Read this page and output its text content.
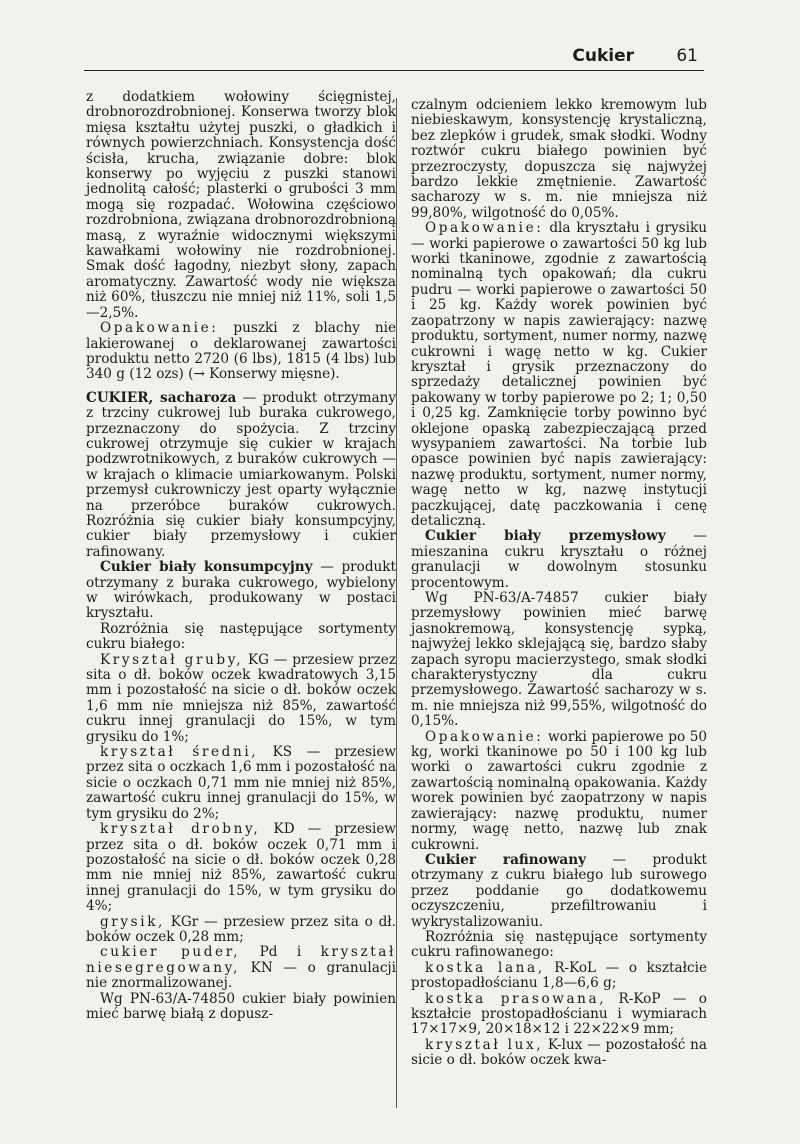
Cukier 61

z dodatkiem wołowiny ścięgnistej, drobnorozdrobnionej. Konserwa tworzy blok mięsa kształtu użytej puszki, o gładkich i równych powierzchniach. Konsystencja dość ścisła, krucha, związanie dobre: blok konserwy po wyjęciu z puszki stanowi jednolitą całość; plasterki o grubości 3 mm mogą się rozpadać. Wołowina częściowo rozdrobniona, związana drobnorozdrobnioną masą, z wyraźnie widocznymi większymi kawałkami wołowiny nie rozdrobnionej. Smak dość łagodny, niezbyt słony, zapach aromatyczny. Zawartość wody nie większa niż 60%, tłuszczu nie mniej niż 11%, soli 1,5—2,5%.

Opakowanie: puszki z blachy nie lakierowanej o deklarowanej zawartości produktu netto 2720 (6 lbs), 1815 (4 lbs) lub 340 g (12 ozs) (→ Konserwy mięsne).

CUKIER, sacharoza — produkt otrzymany z trzciny cukrowej lub buraka cukrowego, przeznaczony do spożycia. Z trzciny cukrowej otrzymuje się cukier w krajach podzwrotnikowych, z buraków cukrowych — w krajach o klimacie umiarkowanym. Polski przemysł cukrowniczy jest oparty wyłącznie na przeróbce buraków cukrowych. Rozróżnia się cukier biały konsumpcyjny, cukier biały przemysłowy i cukier rafinowany.

Cukier biały konsumpcyjny — produkt otrzymany z buraka cukrowego, wybielony w wirówkach, produkowany w postaci kryształu.

Rozróżnia się następujące sortymenty cukru białego:

Kryształ gruby, KG — przesiew przez sita o dł. boków oczek kwadratowych 3,15 mm i pozostałość na sicie o dł. boków oczek 1,6 mm nie mniejsza niż 85%, zawartość cukru innej granulacji do 15%, w tym grysiku do 1%;

kryształ średni, KS — przesiew przez sita o oczkach 1,6 mm i pozostałość na sicie o oczkach 0,71 mm nie mniej niż 85%, zawartość cukru innej granulacji do 15%, w tym grysiku do 2%;

kryształ drobny, KD — przesiew przez sita o dł. boków oczek 0,71 mm i pozostałość na sicie o dł. boków oczek 0,28 mm nie mniej niż 85%, zawartość cukru innej granulacji do 15%, w tym grysiku do 4%;

grysik, KGr — przesiew przez sita o dł. boków oczek 0,28 mm;

cukier puder, Pd i kryształ niesegregowany, KN — o granulacji nie znormalizowanej.

Wg PN-63/A-74850 cukier biały powinien mieć barwę białą z dopusz-

czalnym odcieniem lekko kremowym lub niebieskawym, konsystencję krystaliczną, bez zlepków i grudek, smak słodki. Wodny roztwór cukru białego powinien być przezroczysty, dopuszcza się najwyżej bardzo lekkie zmętnienie. Zawartość sacharozy w s. m. nie mniejsza niż 99,80%, wilgotność do 0,05%.

Opakowanie: dla kryształu i grysiku — worki papierowe o zawartości 50 kg lub worki tkaninowe, zgodnie z zawartością nominalną tych opakowań; dla cukru pudru — worki papierowe o zawartości 50 i 25 kg. Każdy worek powinien być zaopatrzony w napis zawierający: nazwę produktu, sortyment, numer normy, nazwę cukrowni i wagę netto w kg. Cukier kryształ i grysik przeznaczony do sprzedaży detalicznej powinien być pakowany w torby papierowe po 2; 1; 0,50 i 0,25 kg. Zamknięcie torby powinno być oklejone opaską zabezpieczającą przed wysypaniem zawartości. Na torbie lub opasce powinien być napis zawierający: nazwę produktu, sortyment, numer normy, wagę netto w kg, nazwę instytucji paczkującej, datę paczkowania i cenę detaliczną.

Cukier biały przemysłowy — mieszanina cukru kryształu o różnej granulacji w dowolnym stosunku procentowym.

Wg PN-63/A-74857 cukier biały przemysłowy powinien mieć barwę jasnokremową, konsystencję sypką, najwyżej lekko sklejającą się, bardzo słaby zapach syropu macierzystego, smak słodki charakterystyczny dla cukru przemysłowego. Zawartość sacharozy w s. m. nie mniejsza niż 99,55%, wilgotność do 0,15%.

Opakowanie: worki papierowe po 50 kg, worki tkaninowe po 50 i 100 kg lub worki o zawartości cukru zgodnie z zawartością nominalną opakowania. Każdy worek powinien być zaopatrzony w napis zawierający: nazwę produktu, numer normy, wagę netto, nazwę lub znak cukrowni.

Cukier rafinowany — produkt otrzymany z cukru białego lub surowego przez poddanie go dodatkowemu oczyszczeniu, przefiltrowaniu i wykrystalizowaniu.

Rozróżnia się następujące sortymenty cukru rafinowanego:

kostka lana, R-KoL — o kształcie prostopadłościanu 1,8—6,6 g;

kostka prasowana, R-KoP — o kształcie prostopadłościanu i wymiarach 17×17×9, 20×18×12 i 22×22×9 mm;

kryształ lux, K-lux — pozostałość na sicie o dł. boków oczek kwa-
